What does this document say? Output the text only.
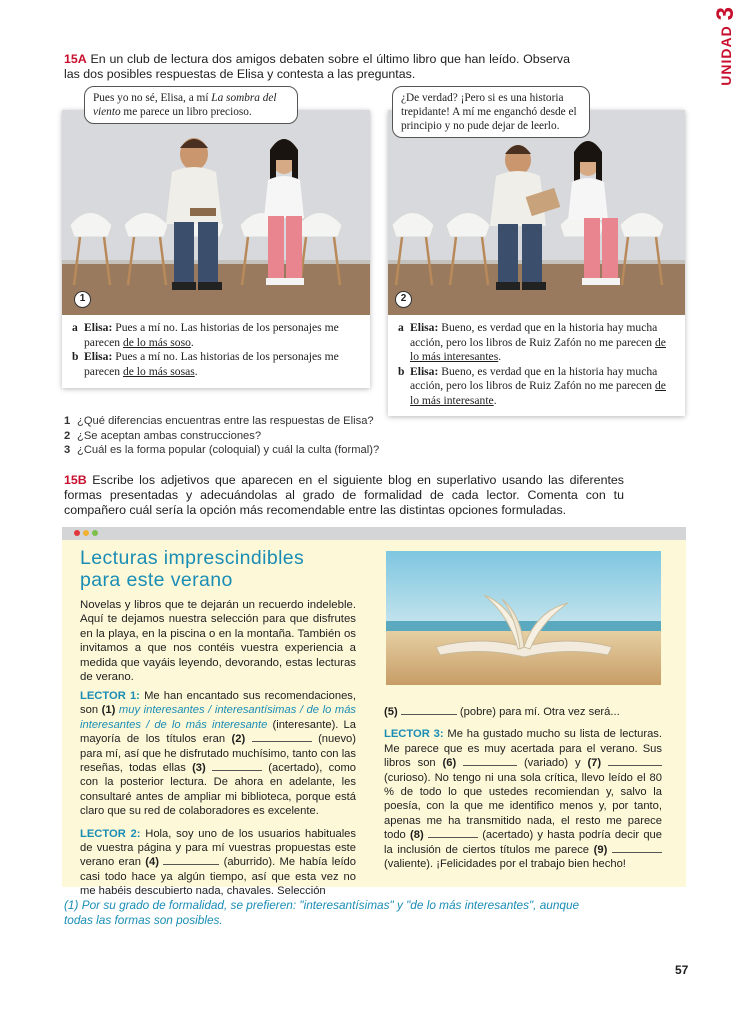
UNIDAD 3
15A En un club de lectura dos amigos debaten sobre el último libro que han leído. Observa las dos posibles respuestas de Elisa y contesta a las preguntas.
Pues yo no sé, Elisa, a mí La sombra del viento me parece un libro precioso.
1
a Elisa: Pues a mí no. Las historias de los personajes me parecen de lo más soso.
b Elisa: Pues a mí no. Las historias de los personajes me parecen de lo más sosas.
¿De verdad? ¡Pero si es una historia trepidante! A mí me enganchó desde el principio y no pude dejar de leerlo.
2
a Elisa: Bueno, es verdad que en la historia hay mucha acción, pero los libros de Ruiz Zafón no me parecen de lo más interesantes.
b Elisa: Bueno, es verdad que en la historia hay mucha acción, pero los libros de Ruiz Zafón no me parecen de lo más interesante.
1 ¿Qué diferencias encuentras entre las respuestas de Elisa?
2 ¿Se aceptan ambas construcciones?
3 ¿Cuál es la forma popular (coloquial) y cuál la culta (formal)?
15B Escribe los adjetivos que aparecen en el siguiente blog en superlativo usando las diferentes formas presentadas y adecuándolas al grado de formalidad de cada lector. Comenta con tu compañero cuál sería la opción más recomendable entre las distintas opciones formuladas.
Lecturas imprescindibles
para este verano
Novelas y libros que te dejarán un recuerdo indeleble. Aquí te dejamos nuestra selección para que disfrutes en la playa, en la piscina o en la montaña. También os invitamos a que nos contéis vuestra experiencia a medida que vayáis leyendo, devorando, estas lecturas de verano.

LECTOR 1: Me han encantado sus recomendaciones, son (1) muy interesantes / interesantísimas / de lo más interesantes / de lo más interesante (interesante). La mayoría de los títulos eran (2)	(nuevo) para mí, así que he disfrutado muchísimo, tanto con las reseñas, todas ellas (3)	(acertado), como con la posterior lectura. De ahora en adelante, les consultaré antes de ampliar mi biblioteca, porque está claro que su red de colaboradores es excelente.

LECTOR 2: Hola, soy uno de los usuarios habituales de vuestra página y para mí vuestras propuestas este verano eran (4)	(aburrido). Me había leído casi todo hace ya algún tiempo, así que esta vez no me habéis descubierto nada, chavales. Selección

(5)	(pobre) para mí. Otra vez será...

LECTOR 3: Me ha gustado mucho su lista de lecturas. Me parece que es muy acertada para el verano. Sus libros son (6)	(variado) y (7)  (curioso). No tengo ni una sola crítica, llevo leído el 80 % de todo lo que ustedes recomiendan y, salvo la poesía, con la que me identifico menos y, por tanto, apenas me ha transmitido nada, el resto me parece todo (8)	(acertado) y hasta podría decir que la inclusión de ciertos títulos me parece (9)  (valiente). ¡Felicidades por el trabajo bien hecho!

(1) Por su grado de formalidad, se prefieren: "interesantísimas" y "de lo más interesantes", aunque todas las formas son posibles.
57
